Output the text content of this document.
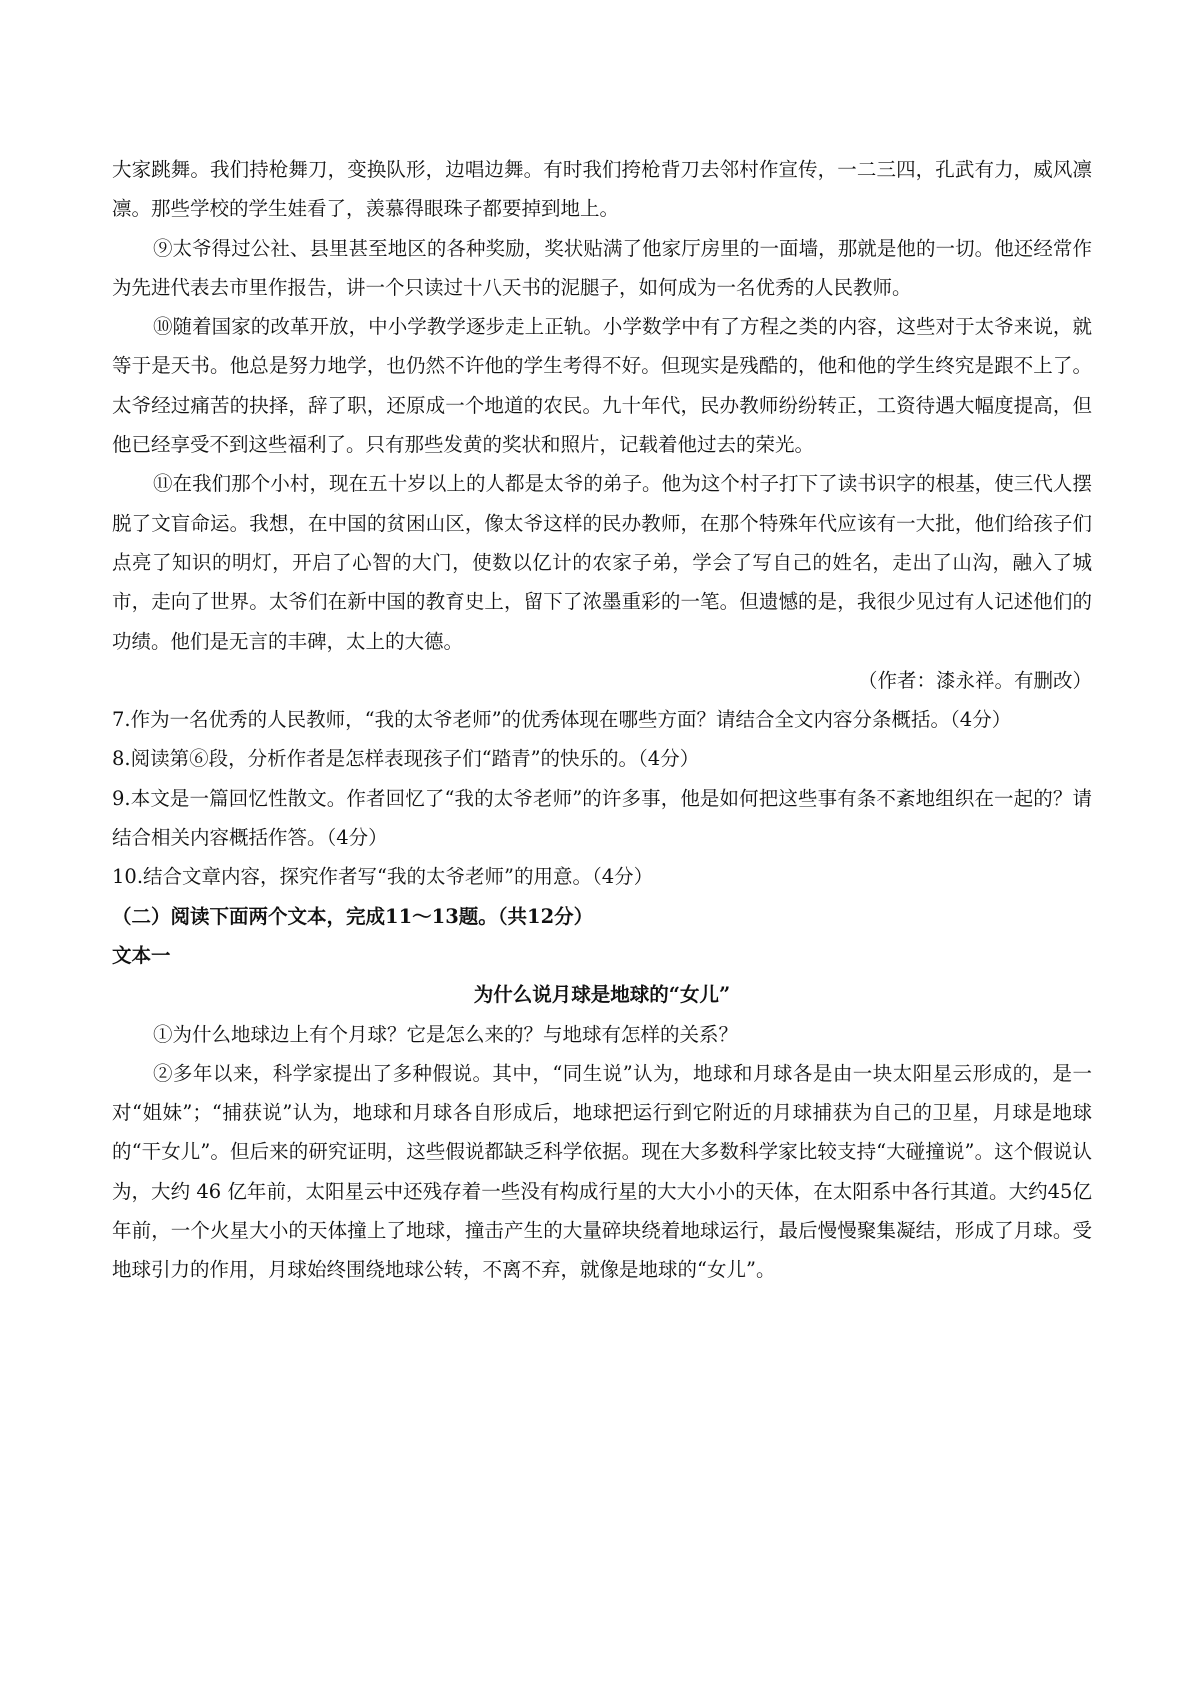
大家跳舞。我们持枪舞刀，变换队形，边唱边舞。有时我们挎枪背刀去邻村作宣传，一二三四，孔武有力，威风凛凛。那些学校的学生娃看了，羡慕得眼珠子都要掉到地上。

⑨太爷得过公社、县里甚至地区的各种奖励，奖状贴满了他家厅房里的一面墙，那就是他的一切。他还经常作为先进代表去市里作报告，讲一个只读过十八天书的泥腿子，如何成为一名优秀的人民教师。

⑩随着国家的改革开放，中小学教学逐步走上正轨。小学数学中有了方程之类的内容，这些对于太爷来说，就等于是天书。他总是努力地学，也仍然不许他的学生考得不好。但现实是残酷的，他和他的学生终究是跟不上了。太爷经过痛苦的抉择，辞了职，还原成一个地道的农民。九十年代，民办教师纷纷转正，工资待遇大幅度提高，但他已经享受不到这些福利了。只有那些发黄的奖状和照片，记载着他过去的荣光。

⑪在我们那个小村，现在五十岁以上的人都是太爷的弟子。他为这个村子打下了读书识字的根基，使三代人摆脱了文盲命运。我想，在中国的贫困山区，像太爷这样的民办教师，在那个特殊年代应该有一大批，他们给孩子们点亮了知识的明灯，开启了心智的大门，使数以亿计的农家子弟，学会了写自己的姓名，走出了山沟，融入了城市，走向了世界。太爷们在新中国的教育史上，留下了浓墨重彩的一笔。但遗憾的是，我很少见过有人记述他们的功绩。他们是无言的丰碑，太上的大德。

（作者：漆永祥。有删改）

7.作为一名优秀的人民教师，“我的太爷老师”的优秀体现在哪些方面？请结合全文内容分条概括。（4分）

8.阅读第⑥段，分析作者是怎样表现孩子们“踏青”的快乐的。（4分）

9.本文是一篇回忆性散文。作者回忆了“我的太爷老师”的许多事，他是如何把这些事有条不紊地组织在一起的？请结合相关内容概括作答。（4分）

10.结合文章内容，探究作者写“我的太爷老师”的用意。（4分）

（二）阅读下面两个文本，完成11～13题。（共12分）

文本一

为什么说月球是地球的“女儿”

①为什么地球边上有个月球？它是怎么来的？与地球有怎样的关系？

②多年以来，科学家提出了多种假说。其中，“同生说”认为，地球和月球各是由一块太阳星云形成的，是一对“姐妹”；“捕获说”认为，地球和月球各自形成后，地球把运行到它附近的月球捕获为自己的卫星，月球是地球的“干女儿”。但后来的研究证明，这些假说都缺乏科学依据。现在大多数科学家比较支持“大碰撞说”。这个假说认为，大约 46 亿年前，太阳星云中还残存着一些没有构成行星的大大小小的天体，在太阳系中各行其道。大约45亿年前，一个火星大小的天体撞上了地球，撞击产生的大量碎块绕着地球运行，最后慢慢聚集凝结，形成了月球。受地球引力的作用，月球始终围绕地球公转，不离不弃，就像是地球的“女儿”。
